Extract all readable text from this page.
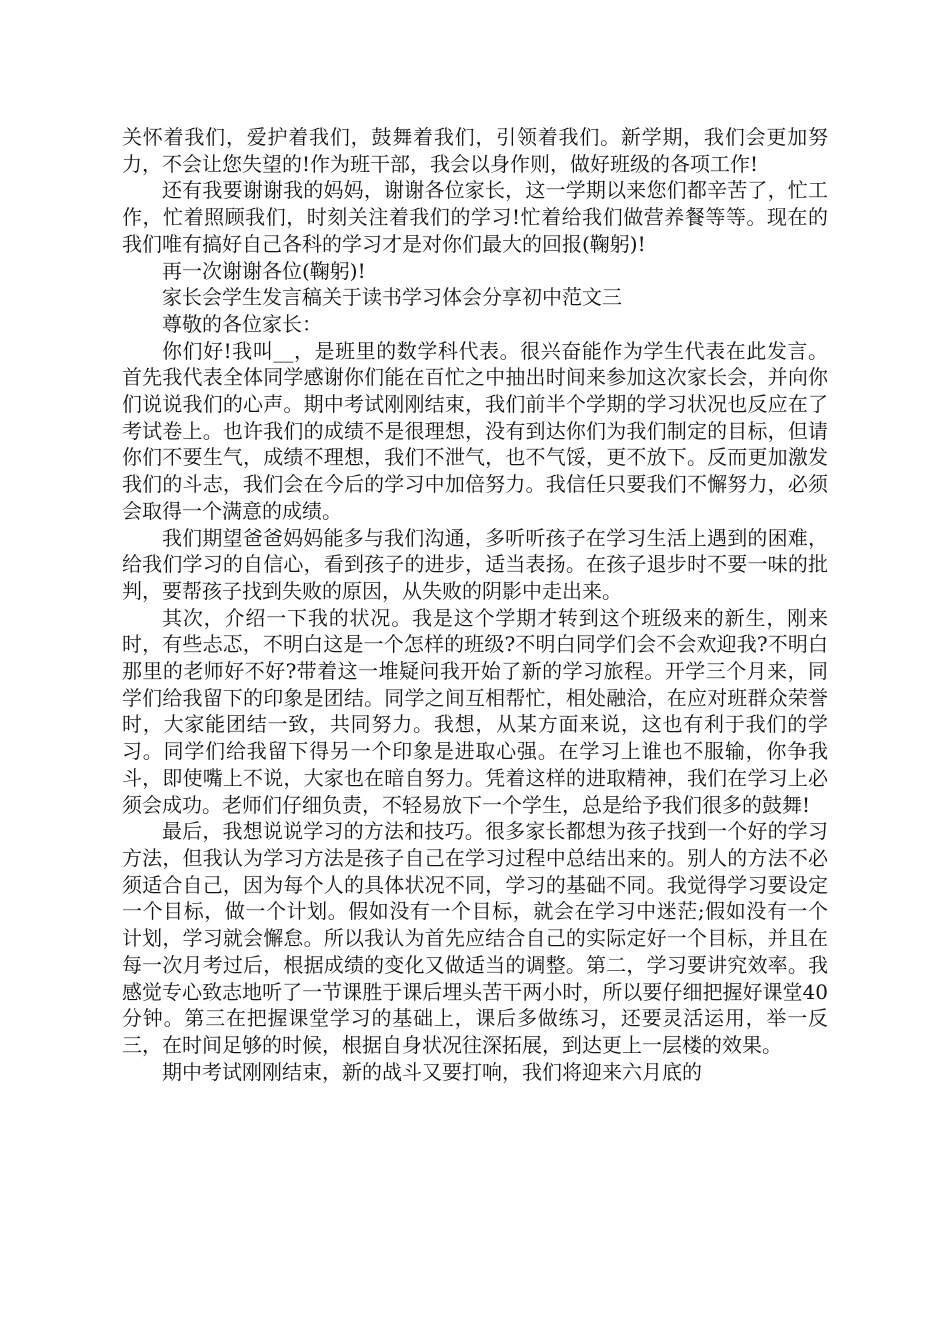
关怀着我们，爱护着我们，鼓舞着我们，引领着我们。新学期，我们会更加努力，不会让您失望的!作为班干部，我会以身作则，做好班级的各项工作!

还有我要谢谢我的妈妈，谢谢各位家长，这一学期以来您们都辛苦了，忙工作，忙着照顾我们，时刻关注着我们的学习!忙着给我们做营养餐等等。现在的我们唯有搞好自己各科的学习才是对你们最大的回报(鞠躬)!

再一次谢谢各位(鞠躬)!

家长会学生发言稿关于读书学习体会分享初中范文三

尊敬的各位家长：

你们好!我叫__，是班里的数学科代表。很兴奋能作为学生代表在此发言。首先我代表全体同学感谢你们能在百忙之中抽出时间来参加这次家长会，并向你们说说我们的心声。期中考试刚刚结束，我们前半个学期的学习状况也反应在了考试卷上。也许我们的成绩不是很理想，没有到达你们为我们制定的目标，但请你们不要生气，成绩不理想，我们不泄气，也不气馁，更不放下。反而更加激发我们的斗志，我们会在今后的学习中加倍努力。我信任只要我们不懈努力，必须会取得一个满意的成绩。

我们期望爸爸妈妈能多与我们沟通，多听听孩子在学习生活上遇到的困难，给我们学习的自信心，看到孩子的进步，适当表扬。在孩子退步时不要一味的批判，要帮孩子找到失败的原因，从失败的阴影中走出来。

其次，介绍一下我的状况。我是这个学期才转到这个班级来的新生，刚来时，有些忐忑，不明白这是一个怎样的班级?不明白同学们会不会欢迎我?不明白那里的老师好不好?带着这一堆疑问我开始了新的学习旅程。开学三个月来，同学们给我留下的印象是团结。同学之间互相帮忙，相处融洽，在应对班群众荣誉时，大家能团结一致，共同努力。我想，从某方面来说，这也有利于我们的学习。同学们给我留下得另一个印象是进取心强。在学习上谁也不服输，你争我斗，即使嘴上不说，大家也在暗自努力。凭着这样的进取精神，我们在学习上必须会成功。老师们仔细负责，不轻易放下一个学生，总是给予我们很多的鼓舞!

最后，我想说说学习的方法和技巧。很多家长都想为孩子找到一个好的学习方法，但我认为学习方法是孩子自己在学习过程中总结出来的。别人的方法不必须适合自己，因为每个人的具体状况不同，学习的基础不同。我觉得学习要设定一个目标，做一个计划。假如没有一个目标，就会在学习中迷茫;假如没有一个计划，学习就会懈怠。所以我认为首先应结合自己的实际定好一个目标，并且在每一次月考过后，根据成绩的变化又做适当的调整。第二，学习要讲究效率。我感觉专心致志地听了一节课胜于课后埋头苦干两小时，所以要仔细把握好课堂40分钟。第三在把握课堂学习的基础上，课后多做练习，还要灵活运用，举一反三，在时间足够的时候，根据自身状况往深拓展，到达更上一层楼的效果。

期中考试刚刚结束，新的战斗又要打响，我们将迎来六月底的
